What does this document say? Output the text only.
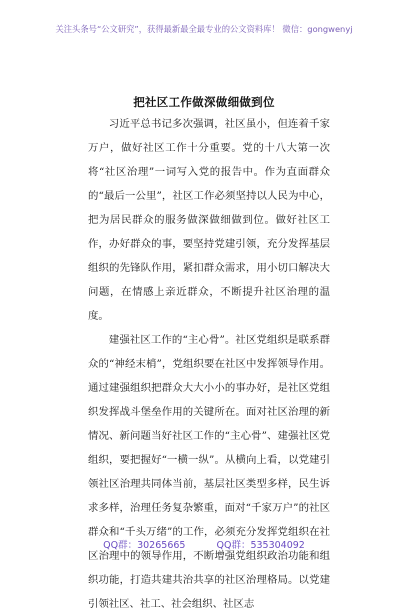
关注头条号“公文研究”，获得最新最全最专业的公文资料库！ 微信：gongwenyj
把社区工作做深做细做到位

习近平总书记多次强调，社区虽小，但连着千家万户，做好社区工作十分重要。党的十八大第一次将“社区治理”一词写入党的报告中。作为直面群众的“最后一公里”，社区工作必须坚持以人民为中心，把为居民群众的服务做深做细做到位。做好社区工作，办好群众的事，要坚持党建引领，充分发挥基层组织的先锋队作用，紧扣群众需求，用小切口解决大问题，在情感上亲近群众，不断提升社区治理的温度。

建强社区工作的“主心骨”。社区党组织是联系群众的“神经末梢”，党组织要在社区中发挥领导作用。通过建强组织把群众大大小小的事办好，是社区党组织发挥战斗堡垒作用的关键所在。面对社区治理的新情况、新问题当好社区工作的“主心骨”、建强社区党组织，要把握好“一横一纵”。从横向上看，以党建引领社区治理共同体当前，基层社区类型多样，民生诉求多样，治理任务复杂繁重，面对“千家万户”的社区群众和“千头万绪”的工作，必须充分发挥党组织在社区治理中的领导作用，不断增强党组织政治功能和组织功能，打造共建共治共享的社区治理格局。以党建引领社区、社工、社会组织、社区志

QQ群：30265665	QQ群：535304092
